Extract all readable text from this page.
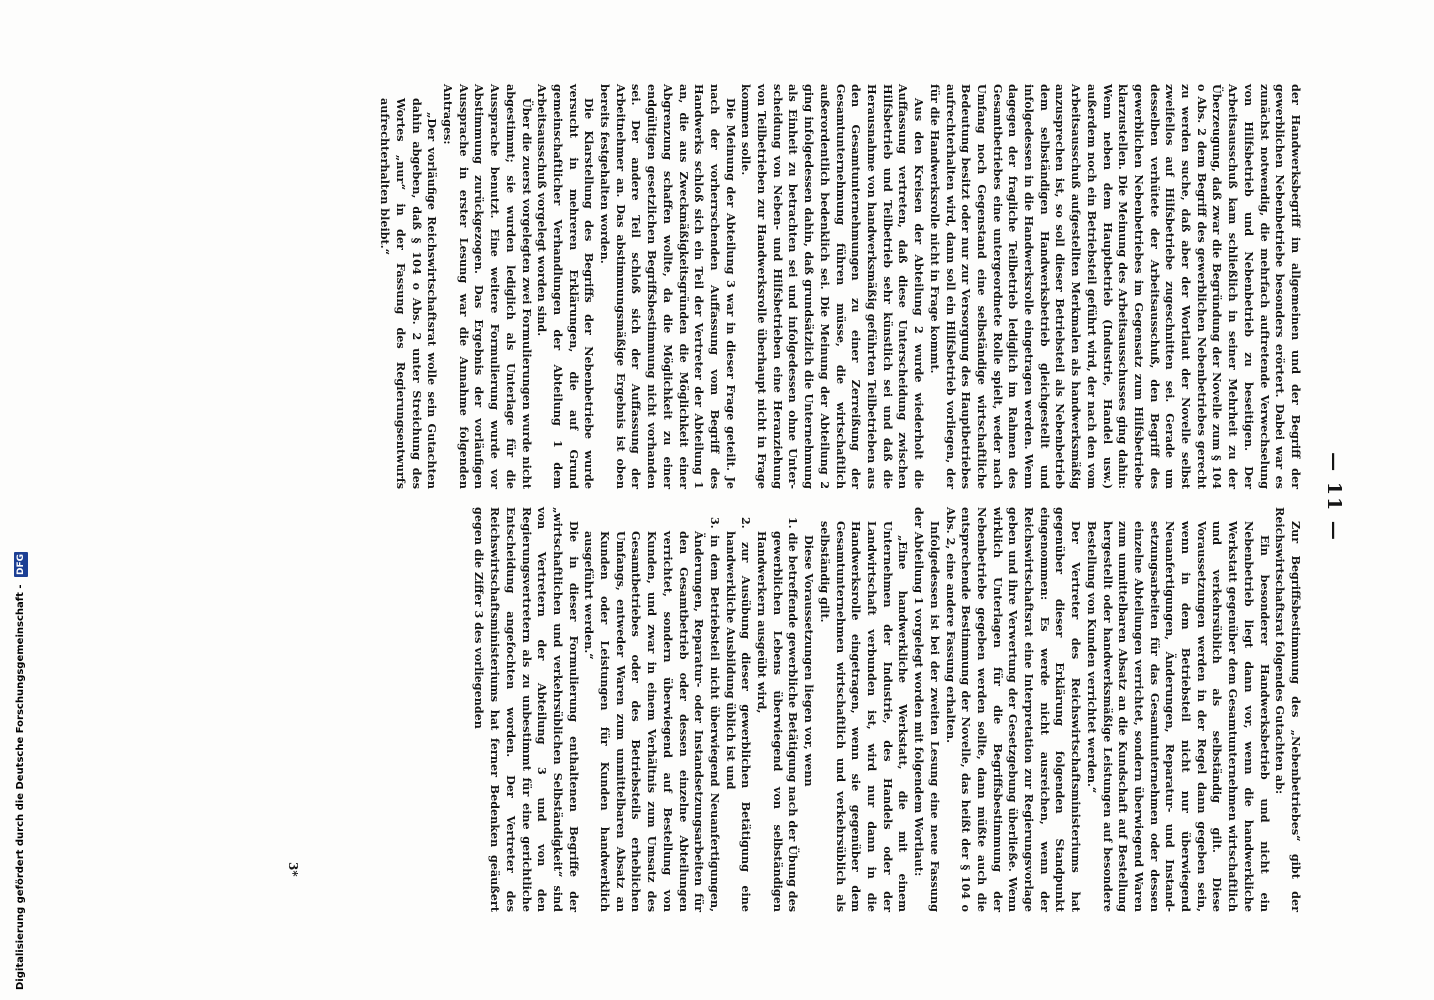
Digitalisierung gefördert durch die Deutsche Forschungsgemeinschaft - DFG
— 11 —

der Handwerksbegriff im allgemeinen und der Begriff der gewerblichen Nebenbetriebe besonders erörtert. Dabei war es zunächst notwendig, die mehrfach auftretende Verwechselung von Hilfsbetrieb und Nebenbetrieb zu beseitigen. Der Arbeitsausschuß kam schließlich in seiner Mehrheit zu der Überzeugung, daß zwar die Begründung der Novelle zum § 104 o Abs. 2 dem Begriff des gewerblichen Nebenbetriebes gerecht zu werden suche, daß aber der Wortlaut der Novelle selbst zweifellos auf Hilfsbetriebe zugeschnitten sei. Gerade um desselben verhütete der Arbeitsausschuß, den Begriff des gewerblichen Nebenbetriebes im Gegensatz zum Hilfsbetriebe klarzustellen. Die Meinung des Arbeitsausschusses ging dahin: Wenn neben dem Hauptbetrieb (Industrie, Handel usw.) außerdem noch ein Betriebsteil geführt wird, der nach den vom Arbeitsausschuß aufgestellten Merkmalen als handwerksmäßig anzusprechen ist, so soll dieser Betriebsteil als Nebenbetrieb dem selbständigen Handwerksbetrieb gleichgestellt und infolgedessen in die Handwerksrolle eingetragen werden. Wenn dagegen der fragliche Teilbetrieb lediglich im Rahmen des Gesamtbetriebes eine untergeordnete Rolle spielt, weder nach Umfang noch Gegenstand eine selbständige wirtschaftliche Bedeutung besitzt oder nur zur Versorgung des Hauptbetriebes aufrechterhalten wird, dann soll ein Hilfsbetrieb vorliegen, der für die Handwerksrolle nicht in Frage kommt.

Aus den Kreisen der Abteilung 2 wurde wiederholt die Auffassung vertreten, daß diese Unterscheidung zwischen Hilfsbetrieb und Teilbetrieb sehr künstlich sei und daß die Herausnahme von handwerksmäßig geführten Teilbetrieben aus den Gesamtunternehmungen zu einer Zerreißung der Gesamtunternehmung führen müsse, die wirtschaftlich außerordentlich bedenklich sei. Die Meinung der Abteilung 2 ging infolgedessen dahin, daß grundsätzlich die Unternehmung als Einheit zu betrachten sei und infolgedessen ohne Unterscheidung von Neben- und Hilfsbetrieben eine Heranziehung von Teilbetrieben zur Handwerksrolle überhaupt nicht in Frage kommen solle.

Die Meinung der Abteilung 3 war in dieser Frage geteilt. Je nach der vorherrschenden Auffassung vom Begriff des Handwerks schloß sich ein Teil der Vertreter der Abteilung 1 an, die aus Zweckmäßigkeitsgründen die Möglichkeit einer Abgrenzung schaffen wollte, da die Möglichkeit zu einer endgültigen gesetzlichen Begriffsbestimmung nicht vorhanden sei. Der andere Teil schloß sich der Auffassung der Arbeitnehmer an. Das abstimmungsmäßige Ergebnis ist oben bereits festgehalten worden.

Die Klarstellung des Begriffs der Nebenbetriebe wurde versucht in mehreren Erklärungen, die auf Grund gemeinschaftlicher Verhandlungen der Abteilung 1 dem Arbeitsausschuß vorgelegt worden sind.

Über die zuerst vorgelegten zwei Formulierungen wurde nicht abgestimmt; sie wurden lediglich als Unterlage für die Aussprache benutzt. Eine weitere Formulierung wurde vor Abstimmung zurückgezogen. Das Ergebnis der vorläufigen Aussprache in erster Lesung war die Annahme folgenden Antrages:

„Der vorläufige Reichswirtschaftsrat wolle sein Gutachten dahin abgeben, daß § 104 o Abs. 2 unter Streichung des Wortes „nur“ in der Fassung des Regierungsentwurfs aufrechterhalten bleibt.“

Zur Begriffsbestimmung des „Nebenbetriebes“ gibt der Reichswirtschaftsrat folgendes Gutachten ab:

Ein besonderer Handwerksbetrieb und nicht ein Nebenbetrieb liegt dann vor, wenn die handwerkliche Werkstatt gegenüber dem Gesamtunternehmen wirtschaftlich und verkehrsüblich als selbständig gilt. Diese Voraussetzungen werden in der Regel dann gegeben sein, wenn in dem Betriebsteil nicht nur überwiegend Neuanfertigungen, Änderungen, Reparatur- und Instandsetzungsarbeiten für das Gesamtunternehmen oder dessen einzelne Abteilungen verrichtet, sondern überwiegend Waren zum unmittelbaren Absatz an die Kundschaft auf Bestellung hergestellt oder handwerksmäßige Leistungen auf besondere Bestellung von Kunden verrichtet werden.“

Der Vertreter des Reichswirtschaftsministeriums hat gegenüber dieser Erklärung folgenden Standpunkt eingenommen: Es werde nicht ausreichen, wenn der Reichswirtschaftsrat eine Interpretation zur Regierungsvorlage geben und ihre Verwertung der Gesetzgebung überließe. Wenn wirklich Unterlagen für die Begriffsbestimmung der Nebenbetriebe gegeben werden sollte, dann müßte auch die entsprechende Bestimmung der Novelle, das heißt der § 104 o Abs. 2, eine andere Fassung erhalten.

Infolgedessen ist bei der zweiten Lesung eine neue Fassung der Abteilung 1 vorgelegt worden mit folgendem Wortlaut:

„Eine handwerkliche Werkstatt, die mit einem Unternehmen der Industrie, des Handels oder der Landwirtschaft verbunden ist, wird nur dann in die Handwerksrolle eingetragen, wenn sie gegenüber dem Gesamtunternehmen wirtschaftlich und verkehrsüblich als selbständig gilt.

Diese Voraussetzungen liegen vor, wenn

1. die betreffende gewerbliche Betätigung nach der Übung des gewerblichen Lebens überwiegend von selbständigen Handwerkern ausgeübt wird,

2. zur Ausübung dieser gewerblichen Betätigung eine handwerkliche Ausbildung üblich ist und

3. in dem Betriebsteil nicht überwiegend Neuanfertigungen, Änderungen, Reparatur- oder Instandsetzungsarbeiten für den Gesamtbetrieb oder dessen einzelne Abteilungen verrichtet, sondern überwiegend auf Bestellung von Kunden, und zwar in einem Verhältnis zum Umsatz des Gesamtbetriebes oder des Betriebsteils erheblichen Umfangs, entweder Waren zum unmittelbaren Absatz an Kunden oder Leistungen für Kunden handwerklich ausgeführt werden.“

Die in dieser Formulierung enthaltenen Begriffe der „wirtschaftlichen und verkehrsüblichen Selbständigkeit“ sind von Vertretern der Abteilung 3 und von den Regierungsvertretern als zu unbestimmt für eine gerichtliche Entscheidung angefochten worden. Der Vertreter des Reichswirtschaftsministeriums hat ferner Bedenken geäußert gegen die Ziffer 3 des vorliegenden

3*
